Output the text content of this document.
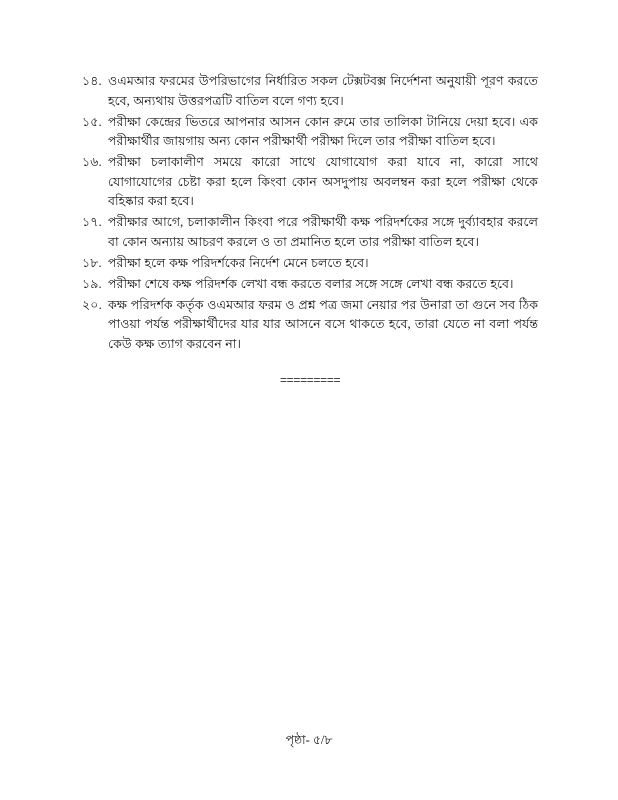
১৪. ওএমআর ফরমের উপরিভাগের নির্ধারিত সকল টেক্সটবক্স নির্দেশনা অনুযায়ী পূরণ করতে হবে, অন্যথায় উত্তরপত্রটি বাতিল বলে গণ্য হবে।
১৫. পরীক্ষা কেন্দ্রের ভিতরে আপনার আসন কোন রুমে তার তালিকা টানিয়ে দেয়া হবে। এক পরীক্ষার্থীর জায়গায় অন্য কোন পরীক্ষার্থী পরীক্ষা দিলে তার পরীক্ষা বাতিল হবে।
১৬. পরীক্ষা চলাকালীণ সময়ে কারো সাথে যোগাযোগ করা যাবে না, কারো সাথে যোগাযোগের চেষ্টা করা হলে কিংবা কোন অসদুপায় অবলম্বন করা হলে পরীক্ষা থেকে বহিষ্কার করা হবে।
১৭. পরীক্ষার আগে, চলাকালীন কিংবা পরে পরীক্ষার্থী কক্ষ পরিদর্শকের সঙ্গে দুর্ব্যাবহার করলে বা কোন অন্যায় আচরণ করলে ও তা প্রমানিত হলে তার পরীক্ষা বাতিল হবে।
১৮. পরীক্ষা হলে কক্ষ পরিদর্শকের নির্দেশ মেনে চলতে হবে।
১৯. পরীক্ষা শেষে কক্ষ পরিদর্শক লেখা বন্ধ করতে বলার সঙ্গে সঙ্গে লেখা বন্ধ করতে হবে।
২০. কক্ষ পরিদর্শক কর্তৃক ওএমআর ফরম ও প্রশ্ন পত্র জমা নেয়ার পর উনারা তা গুনে সব ঠিক পাওয়া পর্যন্ত পরীক্ষার্থীদের যার যার আসনে বসে থাকতে হবে, তারা যেতে না বলা পর্যন্ত কেউ কক্ষ ত্যাগ করবেন না।
=========
পৃষ্ঠা- ৫/৮
